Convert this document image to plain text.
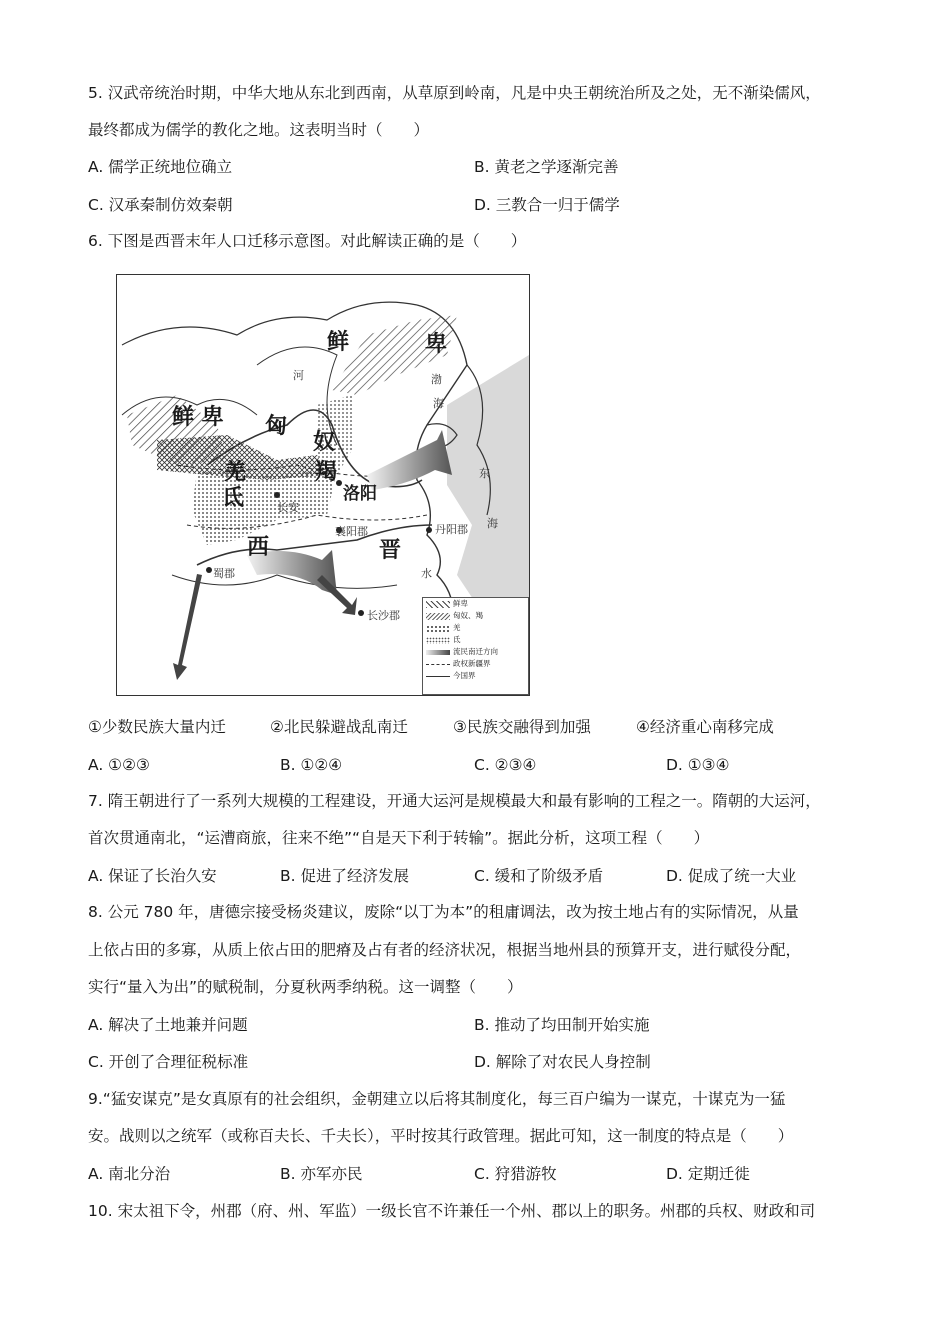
5. 汉武帝统治时期，中华大地从东北到西南，从草原到岭南，凡是中央王朝统治所及之处，无不渐染儒风，
最终都成为儒学的教化之地。这表明当时（　　）
A. 儒学正统地位确立	B. 黄老之学逐渐完善
C. 汉承秦制仿效秦朝	D. 三教合一归于儒学
6. 下图是西晋末年人口迁移示意图。对此解读正确的是（　　）
鲜	卑
鲜 卑 匈
奴
羯
羌
氐	长安
洛阳
襄阳郡	丹阳郡
西	晋
蜀郡
长沙郡
河
水
渤
海
东
海
鲜卑
匈奴、羯
羌
氐
流民南迁方向
政权新疆界
今国界
①少数民族大量内迁	②北民躲避战乱南迁	③民族交融得到加强	④经济重心南移完成
A. ①②③	B. ①②④	C. ②③④	D. ①③④
7. 隋王朝进行了一系列大规模的工程建设，开通大运河是规模最大和最有影响的工程之一。隋朝的大运河，
首次贯通南北，“运漕商旅，往来不绝”“自是天下利于转输”。据此分析，这项工程（　　）
A. 保证了长治久安	B. 促进了经济发展	C. 缓和了阶级矛盾	D. 促成了统一大业
8. 公元 780 年，唐德宗接受杨炎建议，废除“以丁为本”的租庸调法，改为按土地占有的实际情况，从量
上依占田的多寡，从质上依占田的肥瘠及占有者的经济状况，根据当地州县的预算开支，进行赋役分配，
实行“量入为出”的赋税制，分夏秋两季纳税。这一调整（　　）
A. 解决了土地兼并问题	B. 推动了均田制开始实施
C. 开创了合理征税标准	D. 解除了对农民人身控制
9.“猛安谋克”是女真原有的社会组织，金朝建立以后将其制度化，每三百户编为一谋克，十谋克为一猛
安。战则以之统军（或称百夫长、千夫长），平时按其行政管理。据此可知，这一制度的特点是（　　）
A. 南北分治	B. 亦军亦民	C. 狩猎游牧	D. 定期迁徙
10. 宋太祖下令，州郡（府、州、军监）一级长官不许兼任一个州、郡以上的职务。州郡的兵权、财政和司
